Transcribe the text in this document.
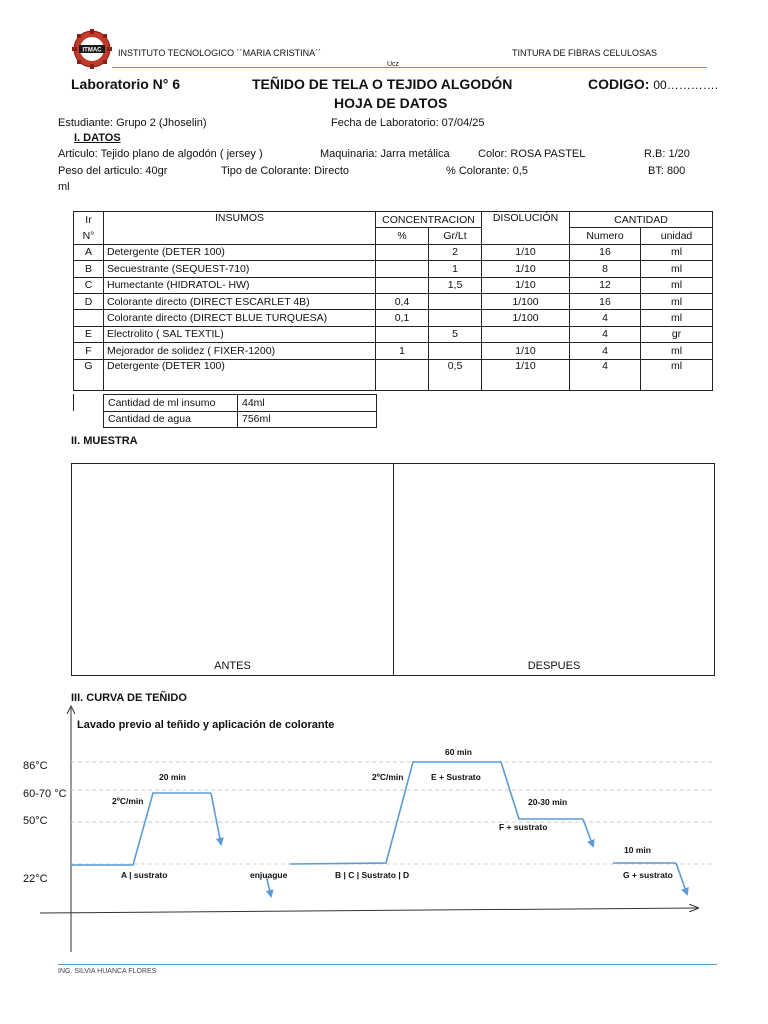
ITMAC INSTITUTO TECNOLOGICO ´´MARIA CRISTINA´´	TINTURA DE FIBRAS CELULOSAS
Ucz
Laboratorio N° 6	TEÑIDO DE TELA O TEJIDO ALGODÓN	CODIGO: 00………….
HOJA DE DATOS
Estudiante: Grupo 2 (Jhoselin)	Fecha de Laboratorio: 07/04/25
I. DATOS
Articulo: Tejido plano de algodón ( jersey )	Maquinaria: Jarra metálica	Color: ROSA PASTEL	R.B: 1/20
Peso del articulo: 40gr	Tipo de Colorante: Directo	% Colorante: 0,5	BT: 800
ml
Ir	INSUMOS	CONCENTRACION		DISOLUCIÓN	CANTIDAD	
N°		%	Gr/Lt		Numero	unidad
A	Detergente (DETER 100)		2	1/10	16	ml
B	Secuestrante (SEQUEST-710)		1	1/10	8	ml
C	Humectante (HIDRATOL- HW)		1,5	1/10	12	ml
D	Colorante directo (DIRECT ESCARLET 4B)	0,4		1/100	16	ml
	Colorante directo (DIRECT BLUE TURQUESA)	0,1		1/100	4	ml
E	Electrolito ( SAL TEXTIL)		5		4	gr
F	Mejorador de solidez ( FIXER-1200)	1		1/10	4	ml
G	Detergente (DETER 100)		0,5	1/10	4	ml
Cantidad de ml insumo	44ml
Cantidad de agua	756ml
II. MUESTRA
ANTES	DESPUES
III. CURVA DE TEÑIDO
Lavado previo al teñido y aplicación de colorante
86°C
60-70 °C
50°C
22°C
20 min
2ºC/min
A | sustrato	enjuague	B | C | Sustrato | D
2ºC/min
60 min
E + Sustrato
20-30 min
F + sustrato
10 min
G + sustrato
ING. SILVIA HUANCA FLORES
